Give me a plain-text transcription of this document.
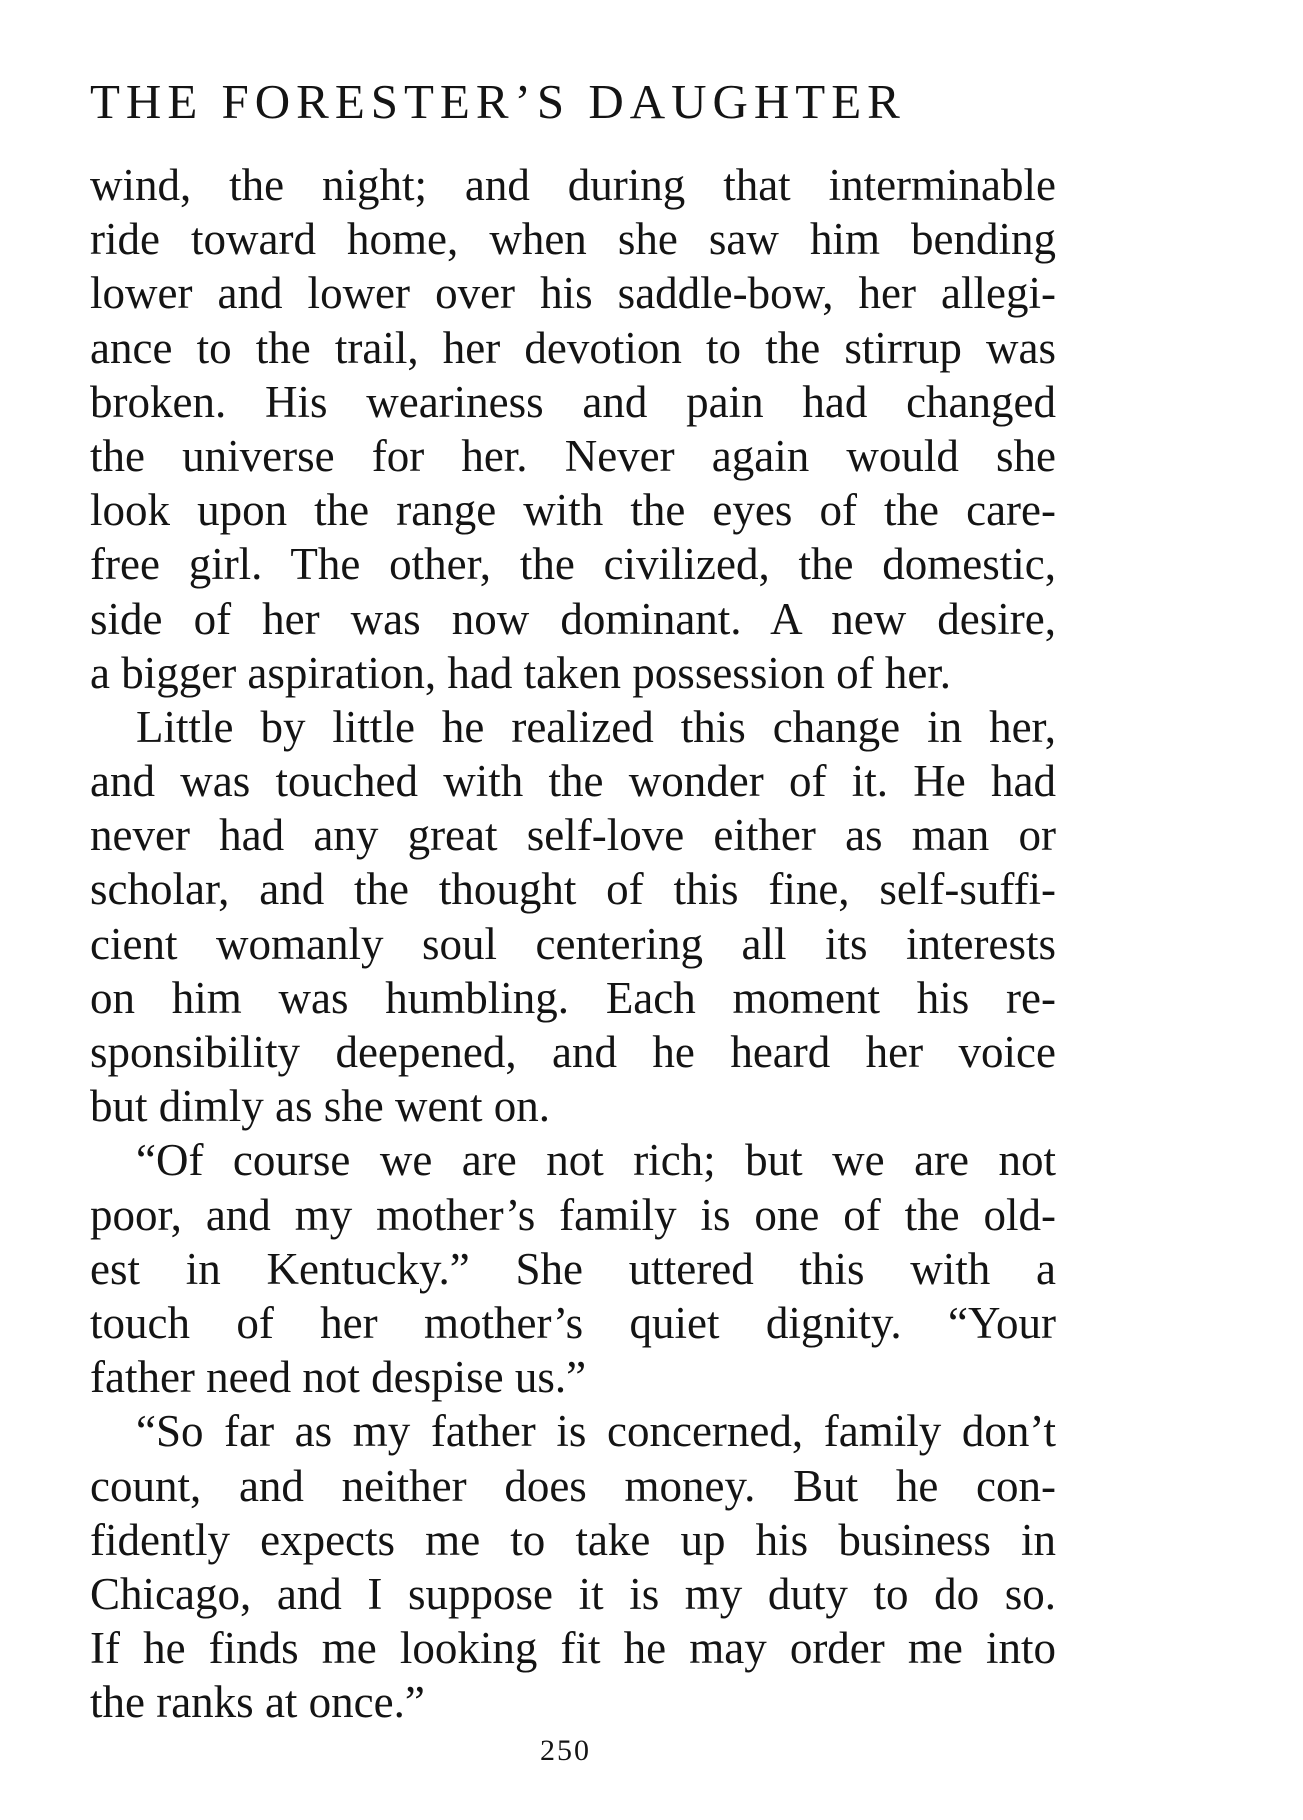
THE FORESTER’S DAUGHTER
wind, the night; and during that interminable
ride toward home, when she saw him bending
lower and lower over his saddle-bow, her allegi-
ance to the trail, her devotion to the stirrup was
broken. His weariness and pain had changed
the universe for her. Never again would she
look upon the range with the eyes of the care-
free girl. The other, the civilized, the domestic,
side of her was now dominant. A new desire,
a bigger aspiration, had taken possession of her.
Little by little he realized this change in her,
and was touched with the wonder of it. He had
never had any great self-love either as man or
scholar, and the thought of this fine, self-suffi-
cient womanly soul centering all its interests
on him was humbling. Each moment his re-
sponsibility deepened, and he heard her voice
but dimly as she went on.
“Of course we are not rich; but we are not
poor, and my mother’s family is one of the old-
est in Kentucky.” She uttered this with a
touch of her mother’s quiet dignity. “Your
father need not despise us.”
“So far as my father is concerned, family don’t
count, and neither does money. But he con-
fidently expects me to take up his business in
Chicago, and I suppose it is my duty to do so.
If he finds me looking fit he may order me into
the ranks at once.”
250
